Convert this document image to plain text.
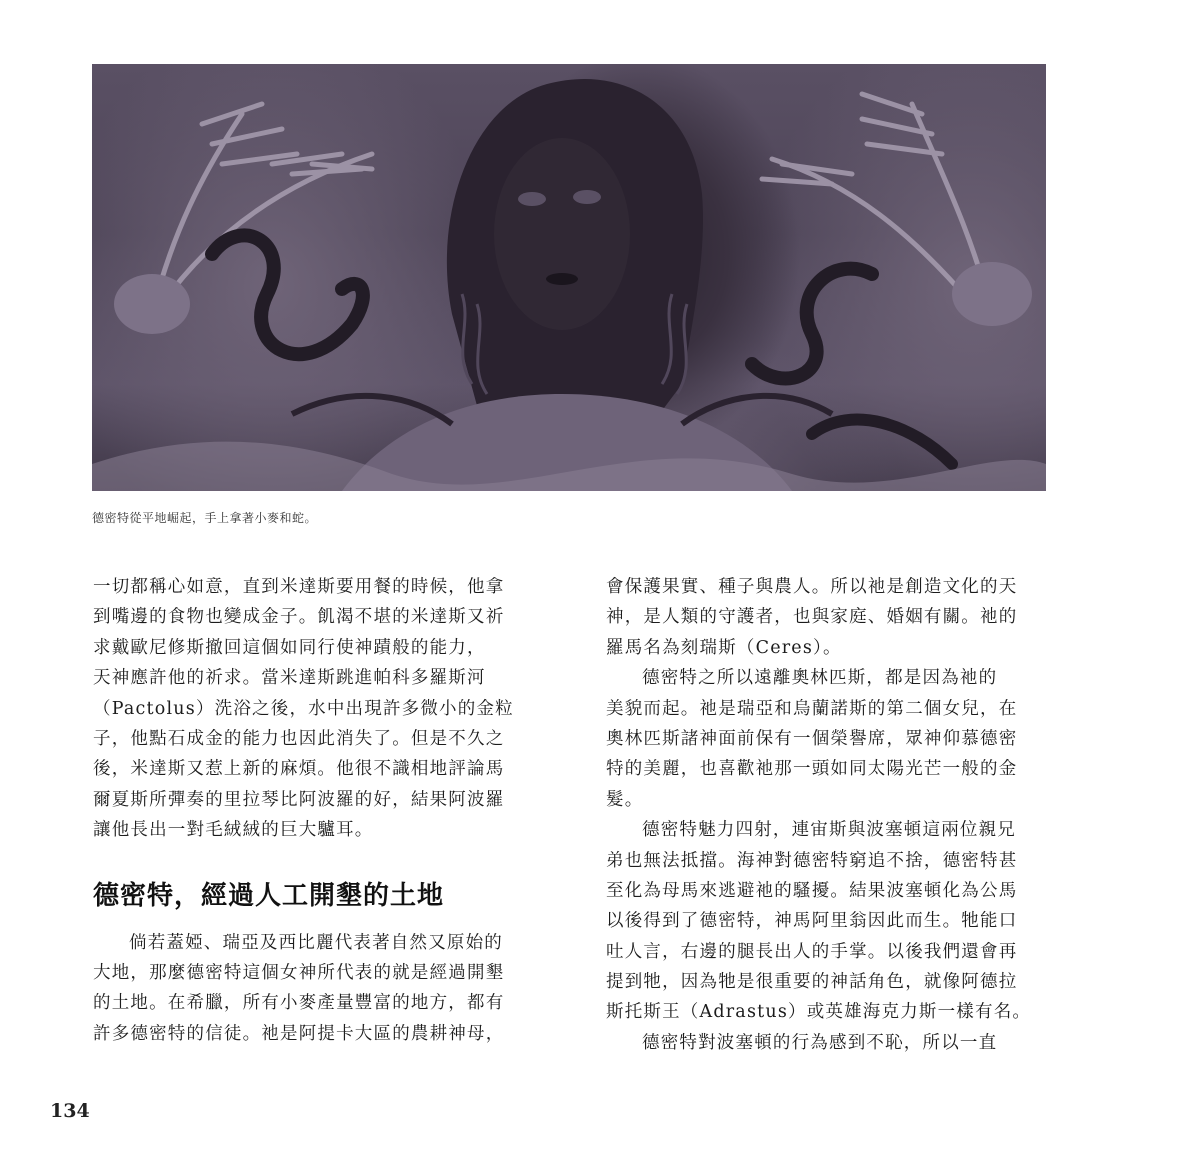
德密特從平地崛起，手上拿著小麥和蛇。
一切都稱心如意，直到米達斯要用餐的時候，他拿
到嘴邊的食物也變成金子。飢渴不堪的米達斯又祈
求戴歐尼修斯撤回這個如同行使神蹟般的能力，
天神應許他的祈求。當米達斯跳進帕科多羅斯河
（Pactolus）洗浴之後，水中出現許多微小的金粒
子，他點石成金的能力也因此消失了。但是不久之
後，米達斯又惹上新的麻煩。他很不識相地評論馬
爾夏斯所彈奏的里拉琴比阿波羅的好，結果阿波羅
讓他長出一對毛絨絨的巨大驢耳。
德密特，經過人工開墾的土地
倘若蓋婭、瑞亞及西比麗代表著自然又原始的
大地，那麼德密特這個女神所代表的就是經過開墾
的土地。在希臘，所有小麥產量豐富的地方，都有
許多德密特的信徒。祂是阿提卡大區的農耕神母，
會保護果實、種子與農人。所以祂是創造文化的天
神，是人類的守護者，也與家庭、婚姻有關。祂的
羅馬名為刻瑞斯（Ceres）。
德密特之所以遠離奧林匹斯，都是因為祂的
美貌而起。祂是瑞亞和烏蘭諾斯的第二個女兒，在
奧林匹斯諸神面前保有一個榮譽席，眾神仰慕德密
特的美麗，也喜歡祂那一頭如同太陽光芒一般的金
髮。
德密特魅力四射，連宙斯與波塞頓這兩位親兄
弟也無法抵擋。海神對德密特窮追不捨，德密特甚
至化為母馬來逃避祂的騷擾。結果波塞頓化為公馬
以後得到了德密特，神馬阿里翁因此而生。牠能口
吐人言，右邊的腿長出人的手掌。以後我們還會再
提到牠，因為牠是很重要的神話角色，就像阿德拉
斯托斯王（Adrastus）或英雄海克力斯一樣有名。
德密特對波塞頓的行為感到不恥，所以一直
134
